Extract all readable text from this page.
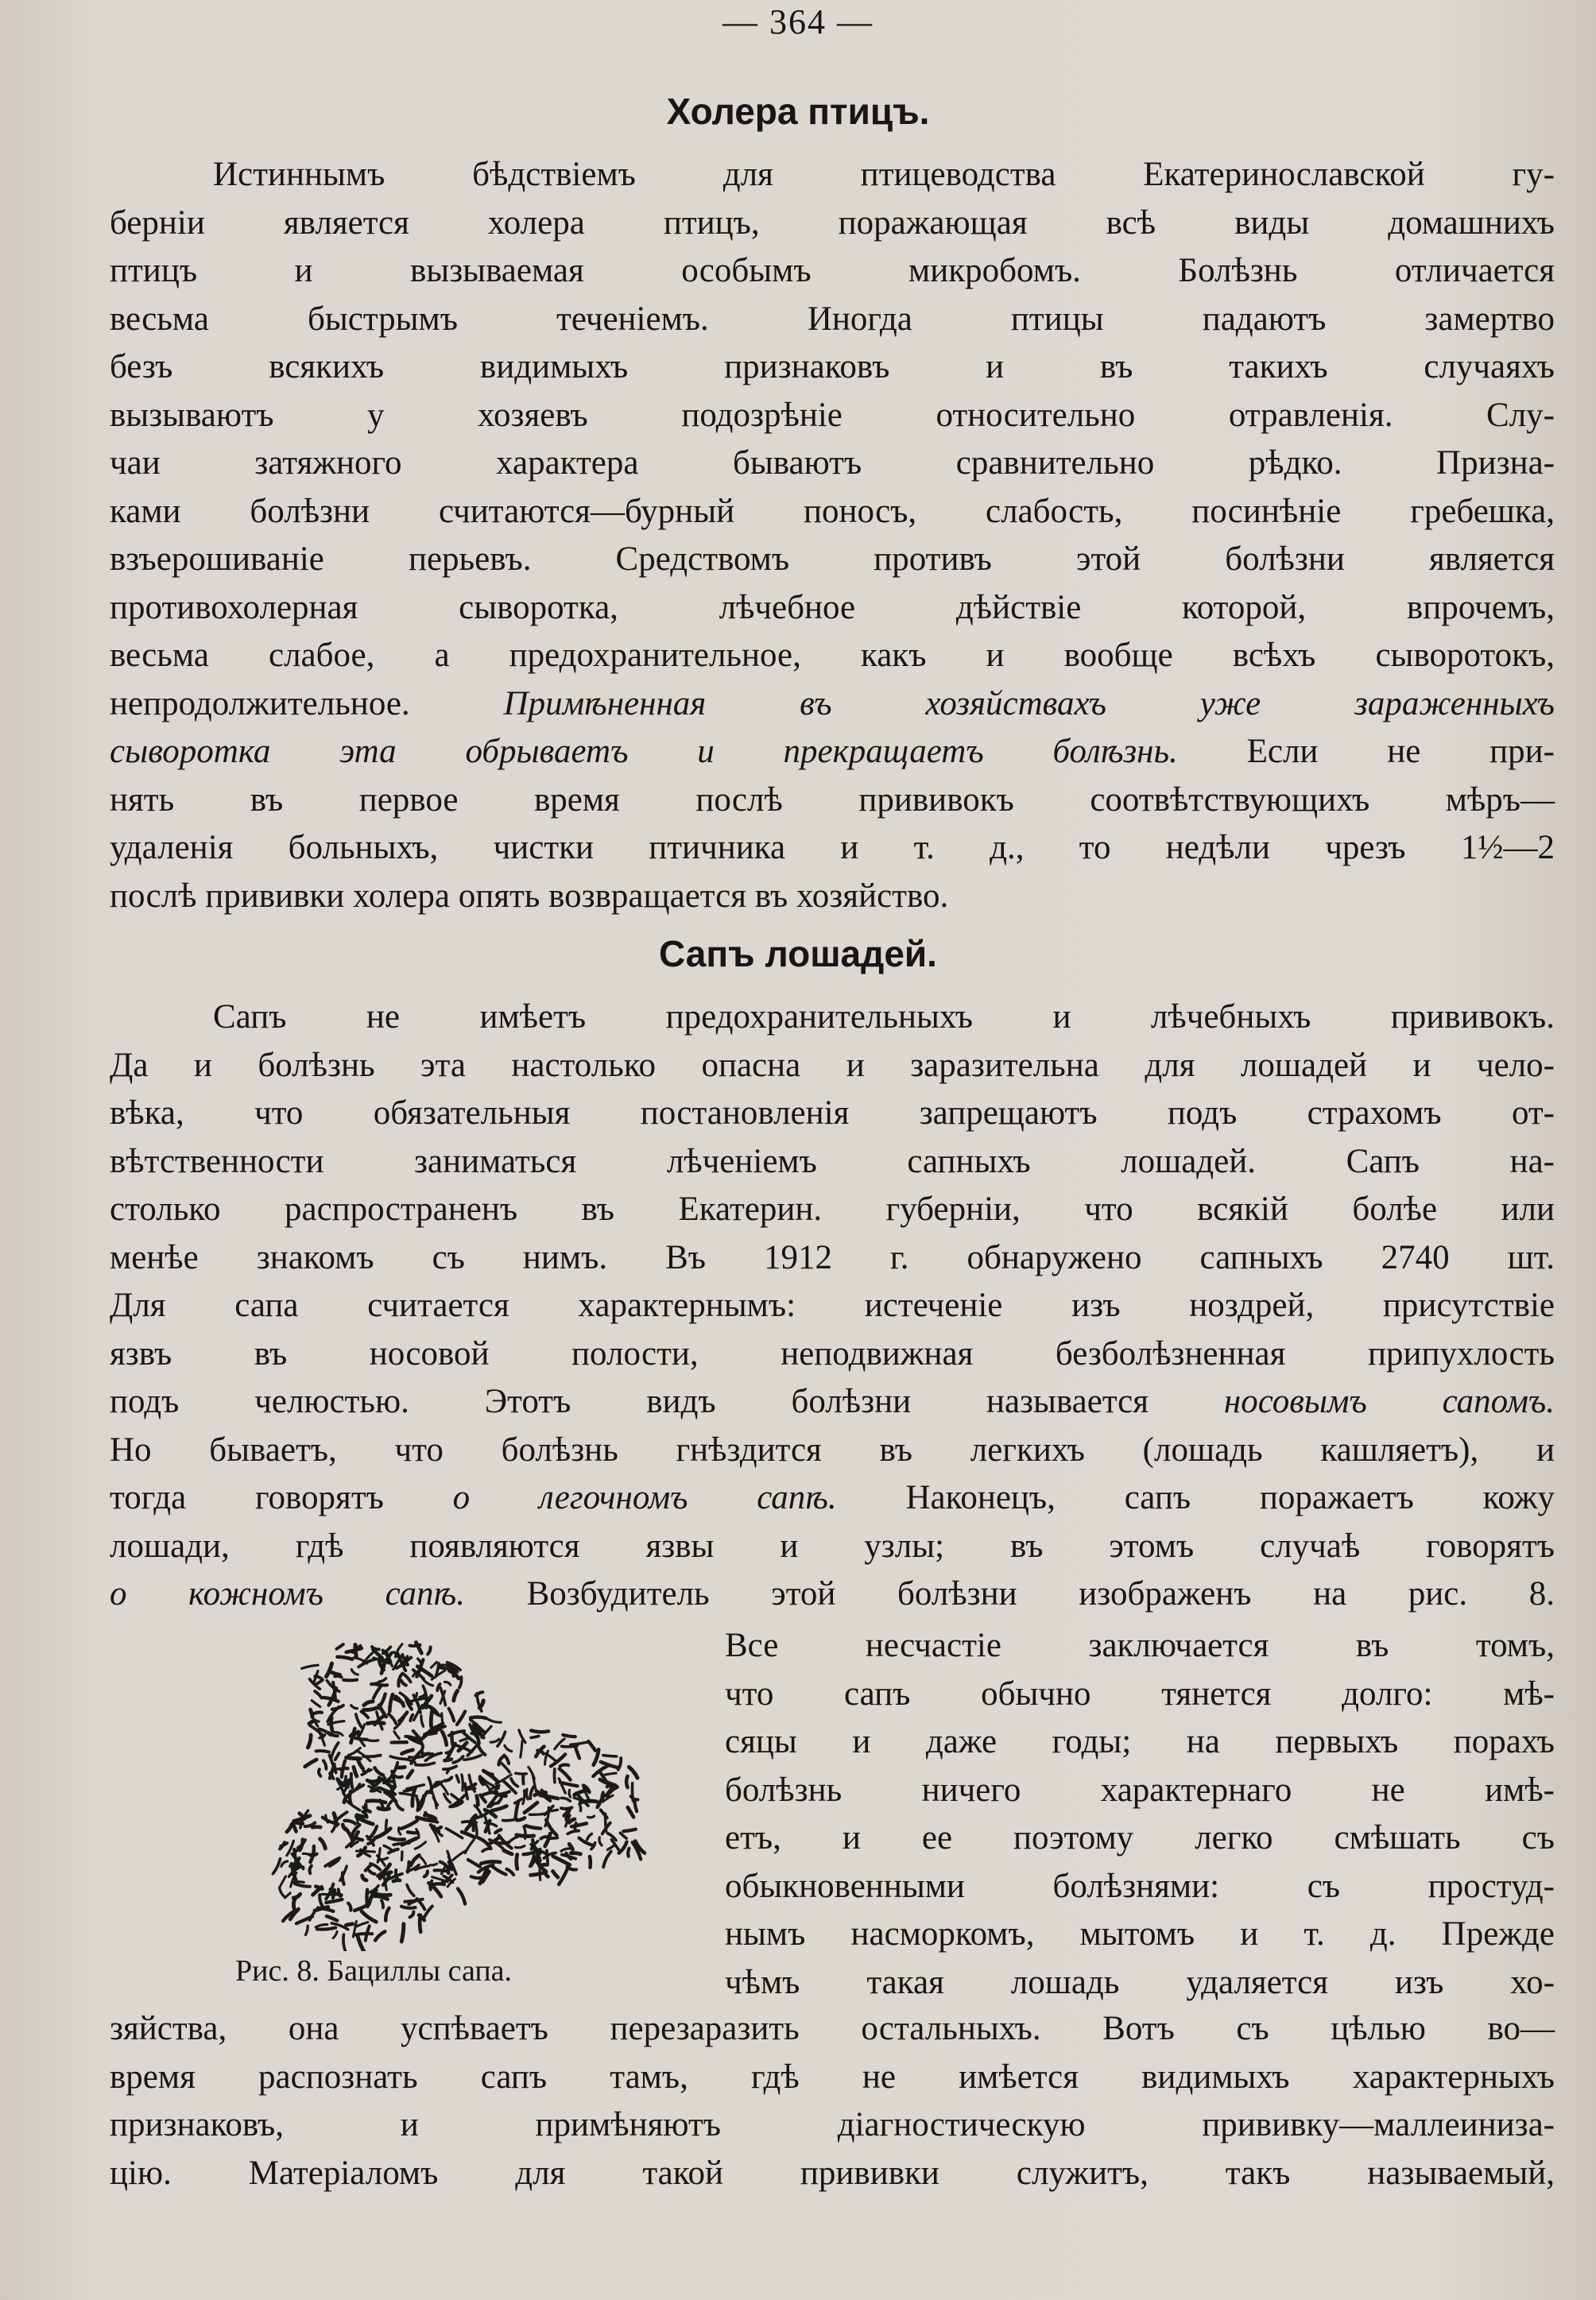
— 364 —
Холера птицъ.
Истиннымъ бѣдствіемъ для птицеводства Екатеринославской гу-
берніи является холера птицъ, поражающая всѣ виды домашнихъ
птицъ и вызываемая особымъ микробомъ. Болѣзнь отличается
весьма быстрымъ теченіемъ. Иногда птицы падаютъ замертво
безъ всякихъ видимыхъ признаковъ и въ такихъ случаяхъ
вызываютъ у хозяевъ подозрѣніе относительно отравленія. Слу-
чаи затяжного характера бываютъ сравнительно рѣдко. Призна-
ками болѣзни считаются—бурный поносъ, слабость, посинѣніе гребешка,
взъерошиваніе перьевъ. Средствомъ противъ этой болѣзни является
противохолерная сыворотка, лѣчебное дѣйствіе которой, впрочемъ,
весьма слабое, а предохранительное, какъ и вообще всѣхъ сыворотокъ,
непродолжительное.	Примѣненная въ хозяйствахъ уже зараженныхъ
сыворотка эта обрываетъ и прекращаетъ болѣзнь. Если не при-
нять въ первое время послѣ прививокъ соотвѣтствующихъ мѣръ—
удаленія больныхъ, чистки птичника и т. д., то недѣли чрезъ 1½—2
послѣ прививки холера опять возвращается въ хозяйство.
Сапъ лошадей.
Сапъ не имѣетъ предохранительныхъ и лѣчебныхъ прививокъ.
Да и болѣзнь эта настолько опасна и заразительна для лошадей и чело-
вѣка, что обязательныя постановленія запрещаютъ подъ страхомъ от-
вѣтственности заниматься лѣченіемъ сапныхъ лошадей. Сапъ на-
столько распространенъ въ Екатерин. губерніи, что всякій болѣе или
менѣе знакомъ съ нимъ. Въ 1912 г. обнаружено сапныхъ 2740 шт.
Для сапа считается характернымъ: истеченіе изъ ноздрей, присутствіе
язвъ въ носовой полости, неподвижная безболѣзненная припухлость
подъ челюстью. Этотъ видъ болѣзни называется носовымъ сапомъ.
Но бываетъ, что болѣзнь гнѣздится въ легкихъ (лошадь кашляетъ), и
тогда говорятъ о легочномъ сапѣ. Наконецъ, сапъ поражаетъ кожу
лошади, гдѣ появляются язвы и узлы; въ этомъ случаѣ говорятъ
о кожномъ сапѣ. Возбудитель этой болѣзни изображенъ на рис. 8.
Рис. 8. Бациллы сапа.
Все несчастіе заключается въ томъ,
что сапъ обычно тянется долго: мѣ-
сяцы и даже годы; на первыхъ порахъ
болѣзнь ничего характернаго не имѣ-
етъ, и ее поэтому легко смѣшать съ
обыкновенными болѣзнями: съ простуд-
нымъ насморкомъ, мытомъ и т. д. Прежде
чѣмъ такая лошадь удаляется изъ хо-
зяйства, она успѣваетъ перезаразить остальныхъ. Вотъ съ цѣлью во—
время распознать сапъ тамъ, гдѣ не имѣется видимыхъ характерныхъ
признаковъ, и примѣняютъ діагностическую прививку—маллеиниза-
цію. Матеріаломъ для такой прививки служитъ, такъ называемый,
